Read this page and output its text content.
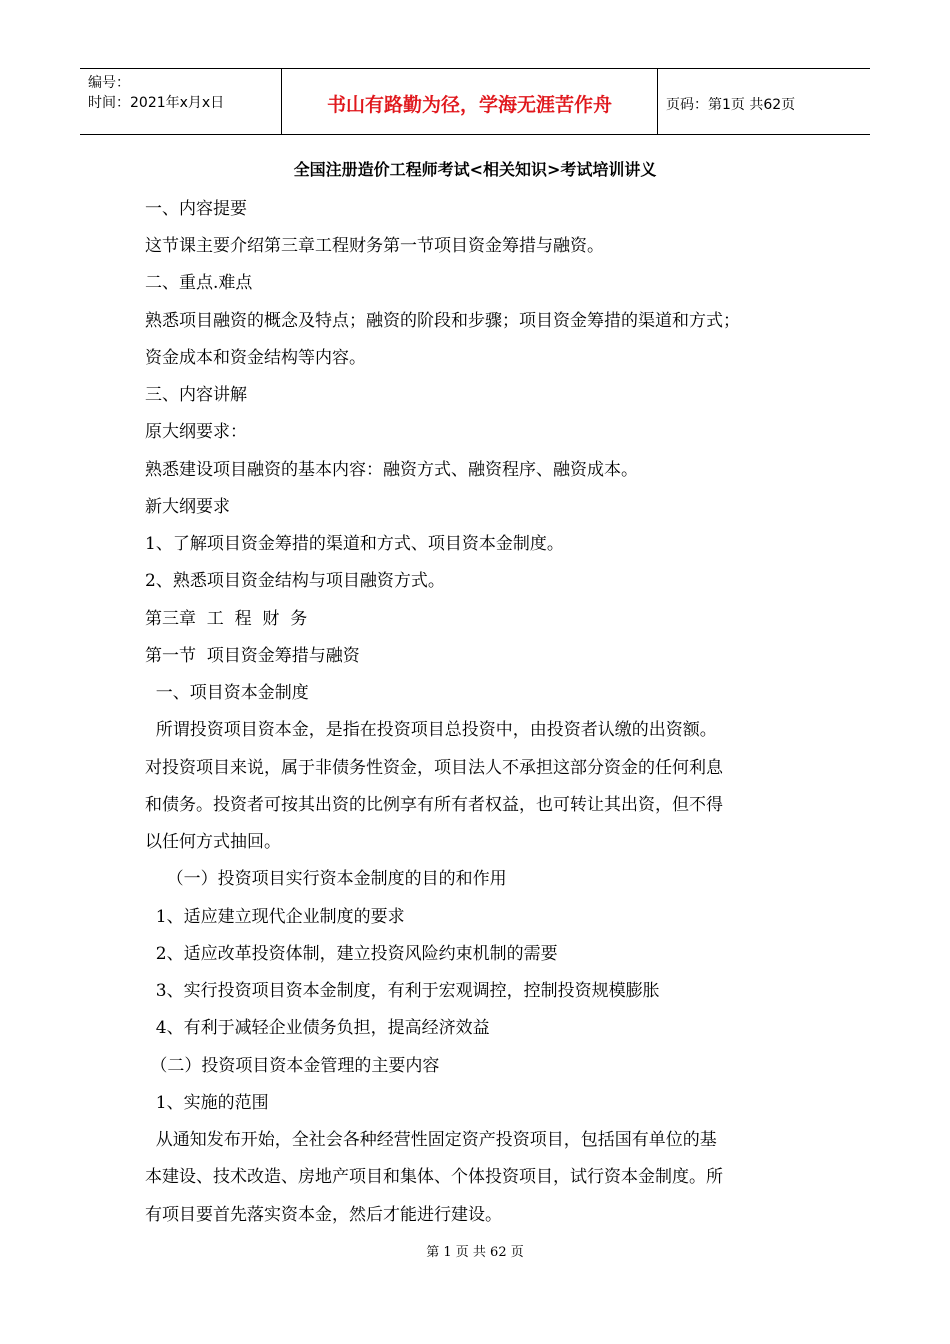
编号：
时间：2021年x月x日	书山有路勤为径，学海无涯苦作舟	页码：第1页 共62页
全国注册造价工程师考试<相关知识>考试培训讲义
一、内容提要
这节课主要介绍第三章工程财务第一节项目资金筹措与融资。
二、重点.难点
熟悉项目融资的概念及特点；融资的阶段和步骤；项目资金筹措的渠道和方式；
资金成本和资金结构等内容。
三、内容讲解
原大纲要求：
熟悉建设项目融资的基本内容：融资方式、融资程序、融资成本。
新大纲要求
1、了解项目资金筹措的渠道和方式、项目资本金制度。
2、熟悉项目资金结构与项目融资方式。
第三章  工  程  财  务
第一节  项目资金筹措与融资
一、项目资本金制度
所谓投资项目资本金，是指在投资项目总投资中，由投资者认缴的出资额。
对投资项目来说，属于非债务性资金，项目法人不承担这部分资金的任何利息
和债务。投资者可按其出资的比例享有所有者权益，也可转让其出资，但不得
以任何方式抽回。
（一）投资项目实行资本金制度的目的和作用
1、适应建立现代企业制度的要求
2、适应改革投资体制，建立投资风险约束机制的需要
3、实行投资项目资本金制度，有利于宏观调控，控制投资规模膨胀
4、有利于减轻企业债务负担，提高经济效益
（二）投资项目资本金管理的主要内容
1、实施的范围
从通知发布开始，全社会各种经营性固定资产投资项目，包括国有单位的基
本建设、技术改造、房地产项目和集体、个体投资项目，试行资本金制度。所
有项目要首先落实资本金，然后才能进行建设。
第 1 页 共 62 页
